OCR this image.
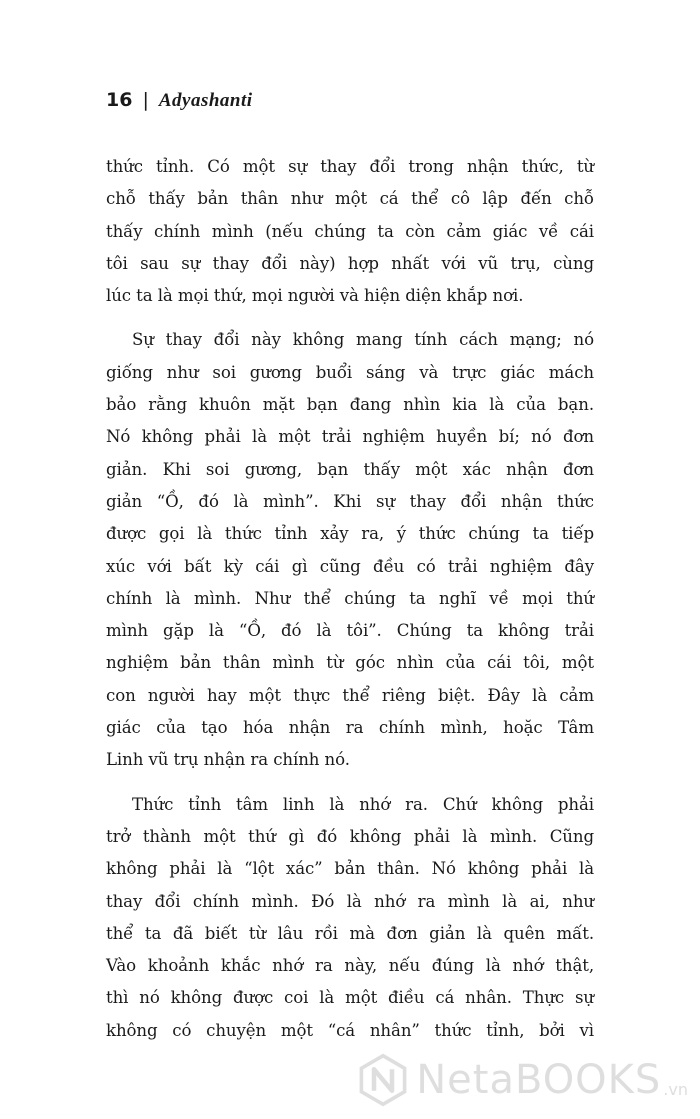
16 | Adyashanti

thức tỉnh. Có một sự thay đổi trong nhận thức, từ
chỗ thấy bản thân như một cá thể cô lập đến chỗ
thấy chính mình (nếu chúng ta còn cảm giác về cái
tôi sau sự thay đổi này) hợp nhất với vũ trụ, cùng
lúc ta là mọi thứ, mọi người và hiện diện khắp nơi.

Sự thay đổi này không mang tính cách mạng; nó
giống như soi gương buổi sáng và trực giác mách
bảo rằng khuôn mặt bạn đang nhìn kia là của bạn.
Nó không phải là một trải nghiệm huyền bí; nó đơn
giản. Khi soi gương, bạn thấy một xác nhận đơn
giản “Ồ, đó là mình”. Khi sự thay đổi nhận thức
được gọi là thức tỉnh xảy ra, ý thức chúng ta tiếp
xúc với bất kỳ cái gì cũng đều có trải nghiệm đây
chính là mình. Như thể chúng ta nghĩ về mọi thứ
mình gặp là “Ồ, đó là tôi”. Chúng ta không trải
nghiệm bản thân mình từ góc nhìn của cái tôi, một
con người hay một thực thể riêng biệt. Đây là cảm
giác của tạo hóa nhận ra chính mình, hoặc Tâm
Linh vũ trụ nhận ra chính nó.

Thức tỉnh tâm linh là nhớ ra. Chứ không phải
trở thành một thứ gì đó không phải là mình. Cũng
không phải là “lột xác” bản thân. Nó không phải là
thay đổi chính mình. Đó là nhớ ra mình là ai, như
thể ta đã biết từ lâu rồi mà đơn giản là quên mất.
Vào khoảnh khắc nhớ ra này, nếu đúng là nhớ thật,
thì nó không được coi là một điều cá nhân. Thực sự
không có chuyện một “cá nhân” thức tỉnh, bởi vì

NetaBOOKS .vn
